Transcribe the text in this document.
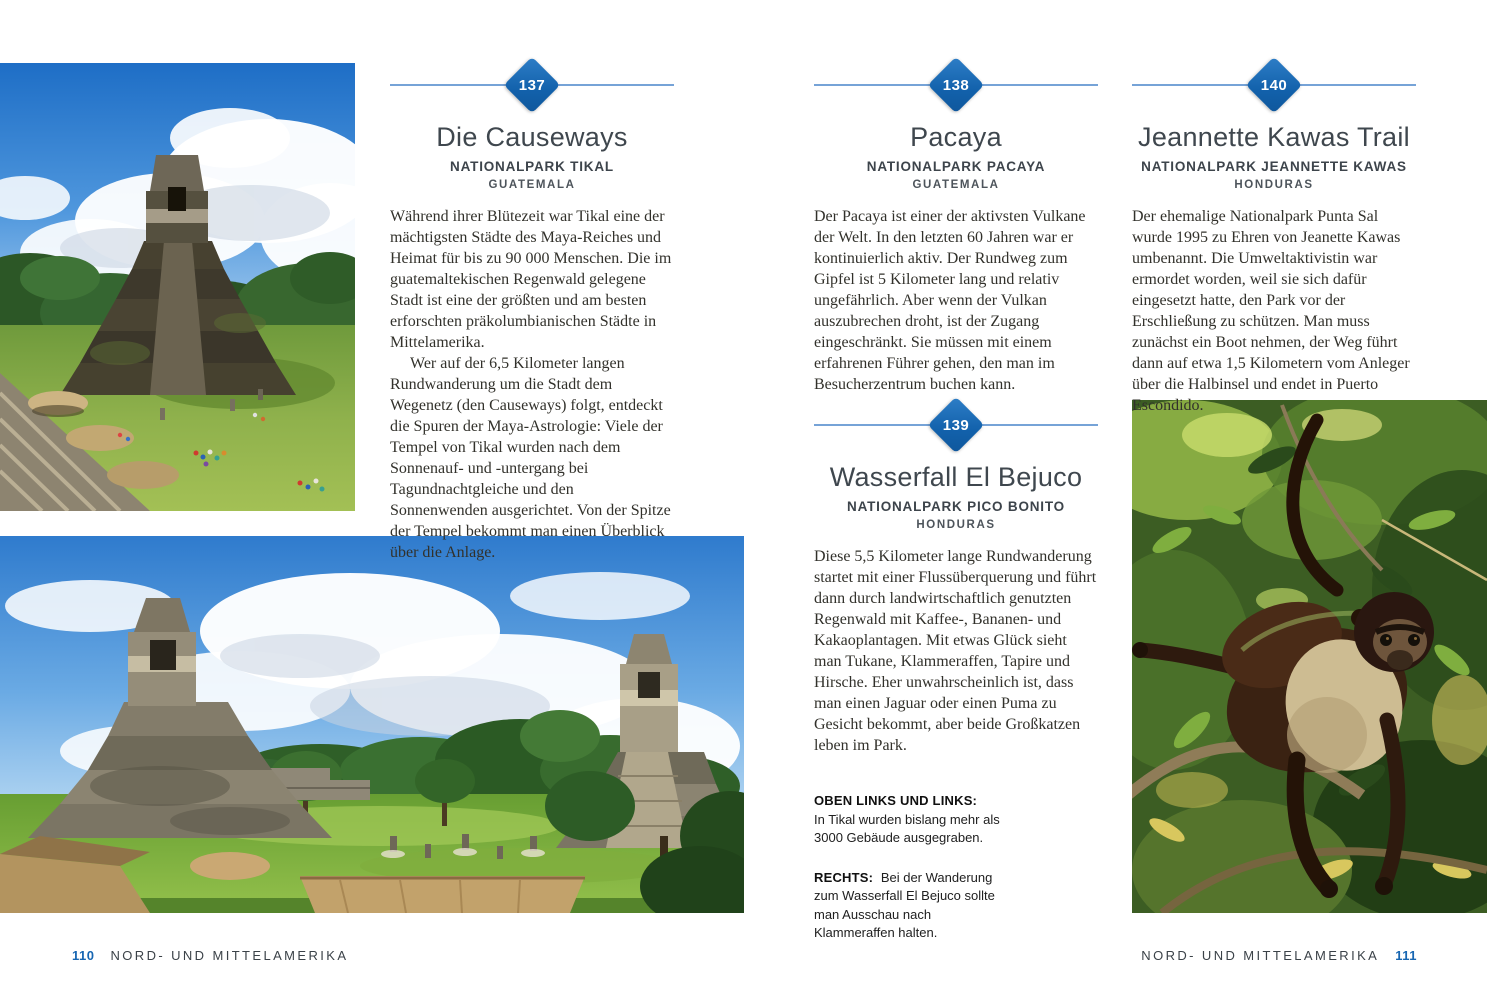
137
Die Causeways
NATIONALPARK TIKAL
GUATEMALA

Während ihrer Blütezeit war Tikal eine der mächtigsten Städte des Maya-Reiches und Heimat für bis zu 90 000 Menschen. Die im guatemaltekischen Regenwald gelegene Stadt ist eine der größten und am besten erforschten präkolumbianischen Städte in Mittelamerika.

Wer auf der 6,5 Kilometer langen Rundwanderung um die Stadt dem Wegenetz (den Causeways) folgt, entdeckt die Spuren der Maya-Astrologie: Viele der Tempel von Tikal wurden nach dem Sonnenauf- und -untergang bei Tagundnachtgleiche und den Sonnenwenden ausgerichtet. Von der Spitze der Tempel bekommt man einen Überblick über die Anlage.

138
Pacaya
NATIONALPARK PACAYA
GUATEMALA

Der Pacaya ist einer der aktivsten Vulkane der Welt. In den letzten 60 Jahren war er kontinuierlich aktiv. Der Rundweg zum Gipfel ist 5 Kilometer lang und relativ ungefährlich. Aber wenn der Vulkan auszubrechen droht, ist der Zugang eingeschränkt. Sie müssen mit einem erfahrenen Führer gehen, den man im Besucherzentrum buchen kann.

140
Jeannette Kawas Trail
NATIONALPARK JEANNETTE KAWAS
HONDURAS

Der ehemalige Nationalpark Punta Sal wurde 1995 zu Ehren von Jeanette Kawas umbenannt. Die Umweltaktivistin war ermordet worden, weil sie sich dafür eingesetzt hatte, den Park vor der Erschließung zu schützen. Man muss zunächst ein Boot nehmen, der Weg führt dann auf etwa 1,5 Kilometern vom Anleger über die Halbinsel und endet in Puerto Escondido.

139
Wasserfall El Bejuco
NATIONALPARK PICO BONITO
HONDURAS

Diese 5,5 Kilometer lange Rundwanderung startet mit einer Flussüberquerung und führt dann durch landwirtschaftlich genutzten Regenwald mit Kaffee-, Bananen- und Kakaoplantagen. Mit etwas Glück sieht man Tukane, Klammeraffen, Tapire und Hirsche. Eher unwahrscheinlich ist, dass man einen Jaguar oder einen Puma zu Gesicht bekommt, aber beide Großkatzen leben im Park.

OBEN LINKS UND LINKS:
In Tikal wurden bislang mehr als 3000 Gebäude ausgegraben.

RECHTS: Bei der Wanderung zum Wasserfall El Bejuco sollte man Ausschau nach Klammeraffen halten.

110 NORD- UND MITTELAMERIKA	NORD- UND MITTELAMERIKA 111
